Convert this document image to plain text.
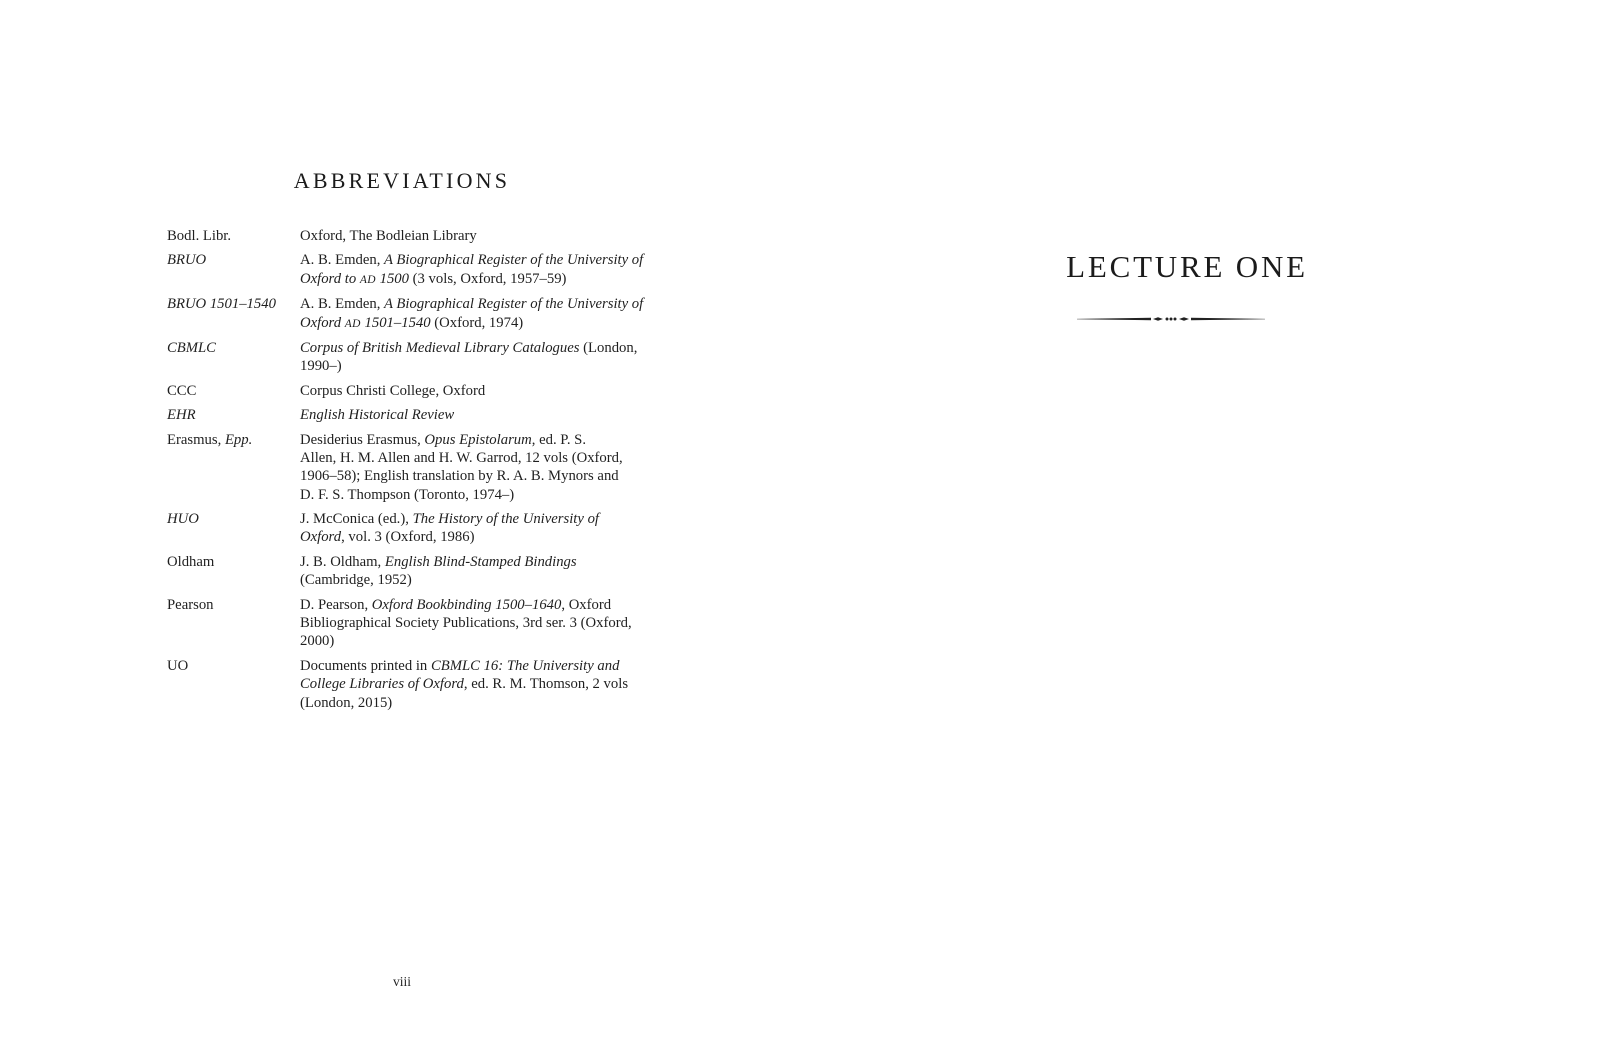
ABBREVIATIONS
Bodl. Libr.	Oxford, The Bodleian Library
BRUO	A. B. Emden, A Biographical Register of the University of
Oxford to AD 1500 (3 vols, Oxford, 1957–59)
BRUO 1501–1540	A. B. Emden, A Biographical Register of the University of
Oxford AD 1501–1540 (Oxford, 1974)
CBMLC	Corpus of British Medieval Library Catalogues (London,
1990–)
CCC	Corpus Christi College, Oxford
EHR	English Historical Review
Erasmus, Epp.	Desiderius Erasmus, Opus Epistolarum, ed. P. S.
Allen, H. M. Allen and H. W. Garrod, 12 vols (Oxford,
1906–58); English translation by R. A. B. Mynors and
D. F. S. Thompson (Toronto, 1974–)
HUO	J. McConica (ed.), The History of the University of
Oxford, vol. 3 (Oxford, 1986)
Oldham	J. B. Oldham, English Blind-Stamped Bindings
(Cambridge, 1952)
Pearson	D. Pearson, Oxford Bookbinding 1500–1640, Oxford
Bibliographical Society Publications, 3rd ser. 3 (Oxford,
2000)
UO	Documents printed in CBMLC 16: The University and
College Libraries of Oxford, ed. R. M. Thomson, 2 vols
(London, 2015)
viii
LECTURE ONE
